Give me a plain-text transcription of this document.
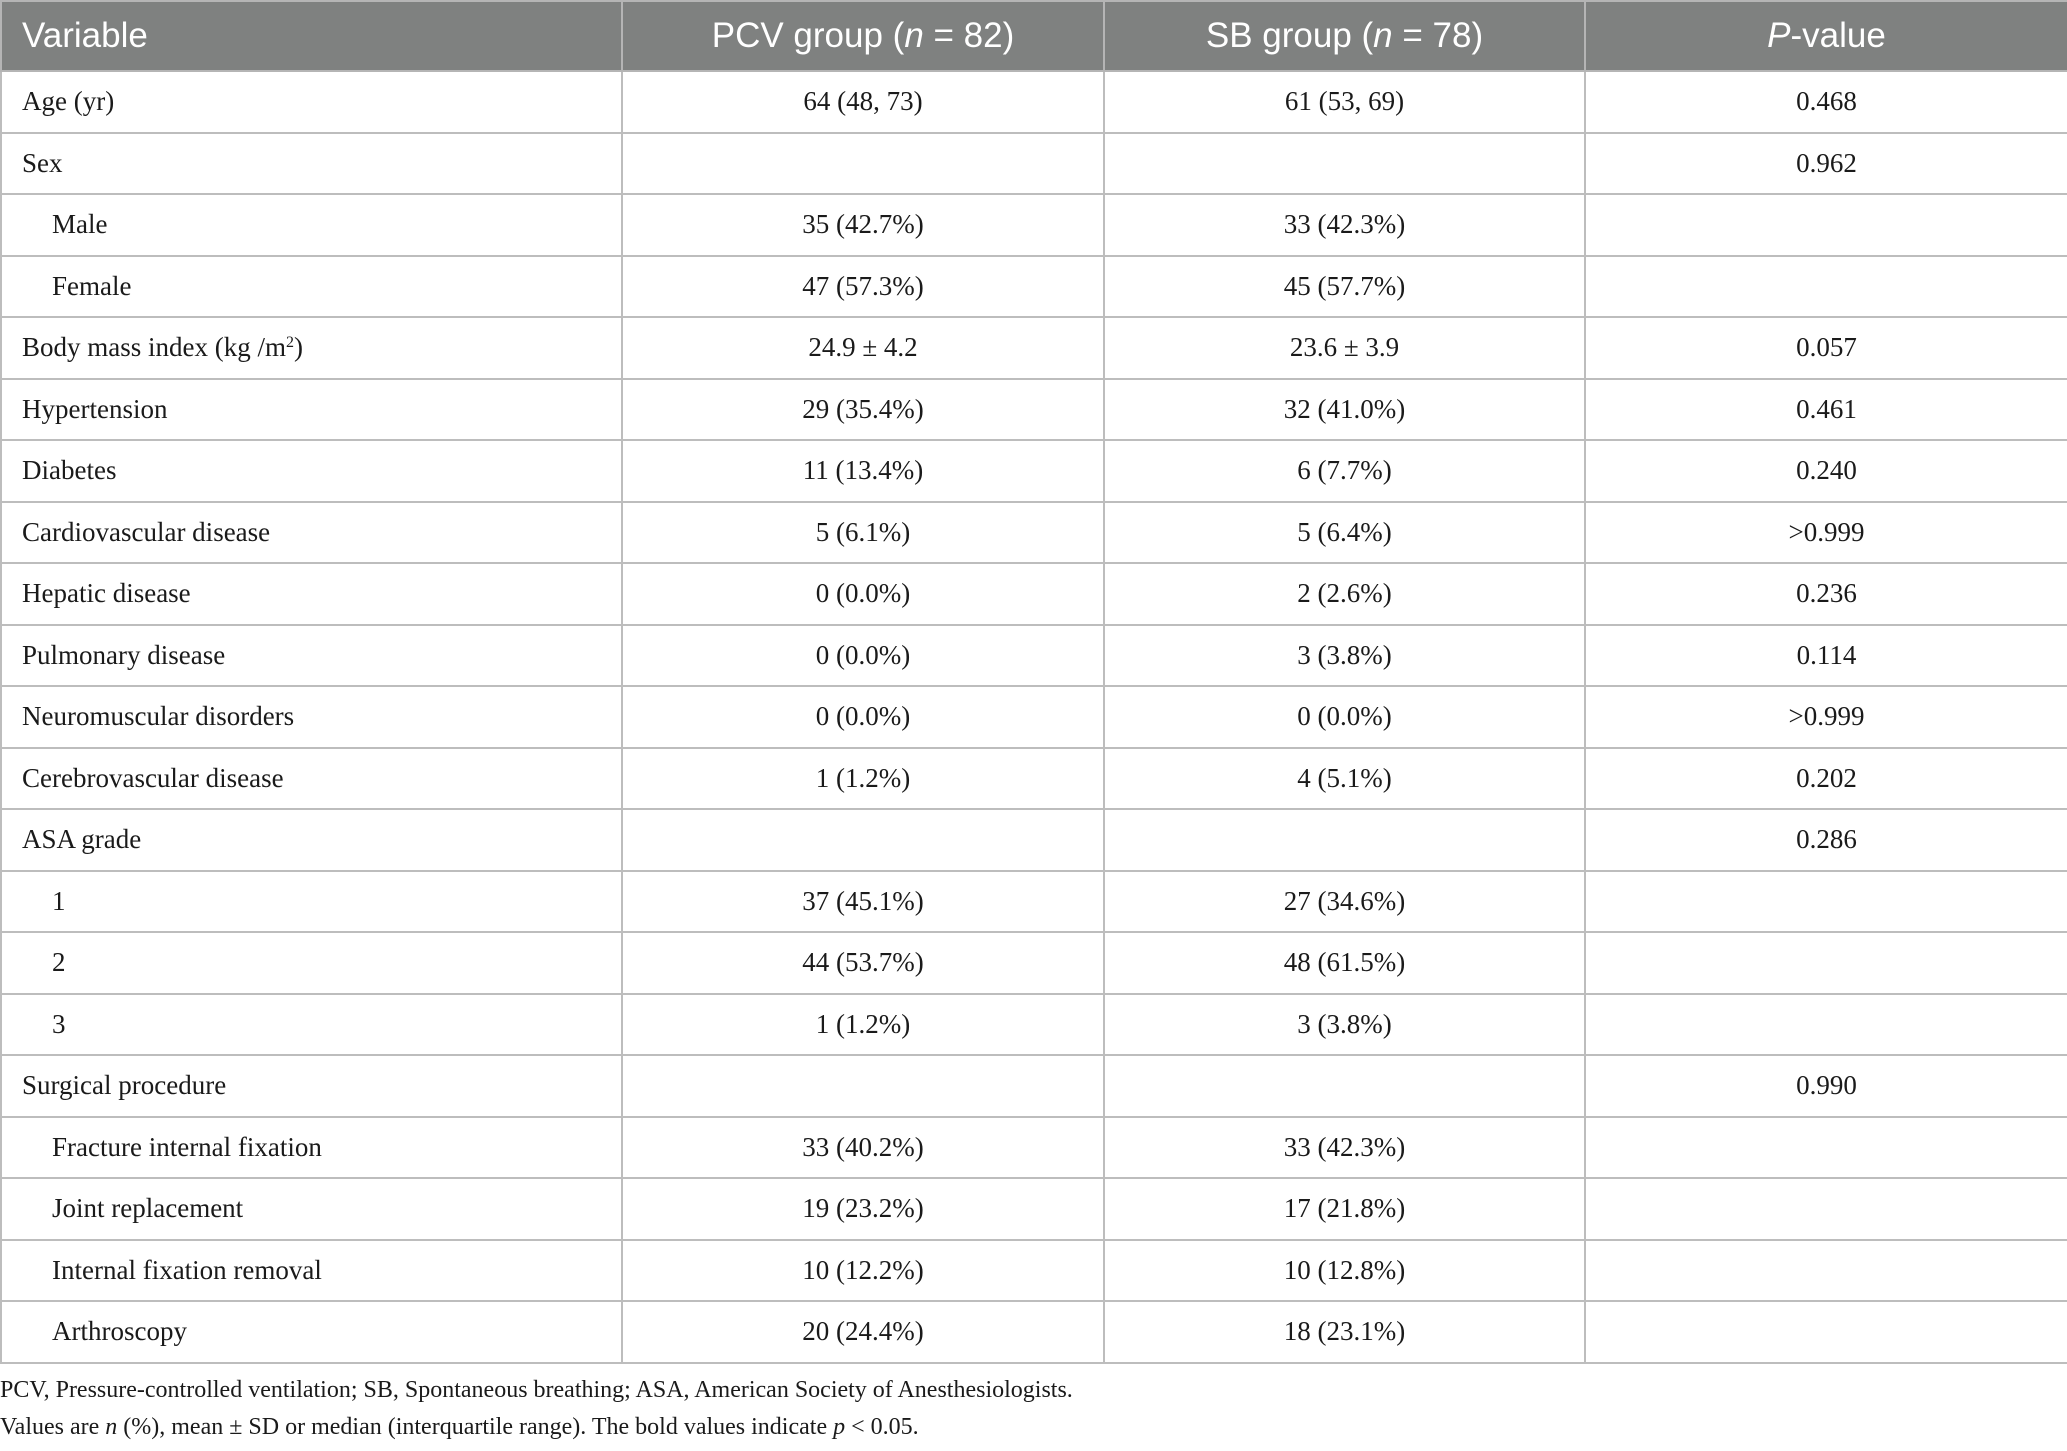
Variable	PCV group (n = 82)	SB group (n = 78)	P-value
Age (yr)	64 (48, 73)	61 (53, 69)	0.468
Sex			0.962
Male	35 (42.7%)	33 (42.3%)	
Female	47 (57.3%)	45 (57.7%)	
Body mass index (kg $/m^2$)	24.9 ± 4.2	23.6 ± 3.9	0.057
Hypertension	29 (35.4%)	32 (41.0%)	0.461
Diabetes	11 (13.4%)	6 (7.7%)	0.240
Cardiovascular disease	5 (6.1%)	5 (6.4%)	>0.999
Hepatic disease	0 (0.0%)	2 (2.6%)	0.236
Pulmonary disease	0 (0.0%)	3 (3.8%)	0.114
Neuromuscular disorders	0 (0.0%)	0 (0.0%)	>0.999
Cerebrovascular disease	1 (1.2%)	4 (5.1%)	0.202
ASA grade			0.286
1	37 (45.1%)	27 (34.6%)	
2	44 (53.7%)	48 (61.5%)	
3	1 (1.2%)	3 (3.8%)	
Surgical procedure			0.990
Fracture internal fixation	33 (40.2%)	33 (42.3%)	
Joint replacement	19 (23.2%)	17 (21.8%)	
Internal fixation removal	10 (12.2%)	10 (12.8%)	
Arthroscopy	20 (24.4%)	18 (23.1%)	
PCV, Pressure-controlled ventilation; SB, Spontaneous breathing; ASA, American Society of Anesthesiologists.
Values are n (%), mean ± SD or median (interquartile range). The bold values indicate p < 0.05.
